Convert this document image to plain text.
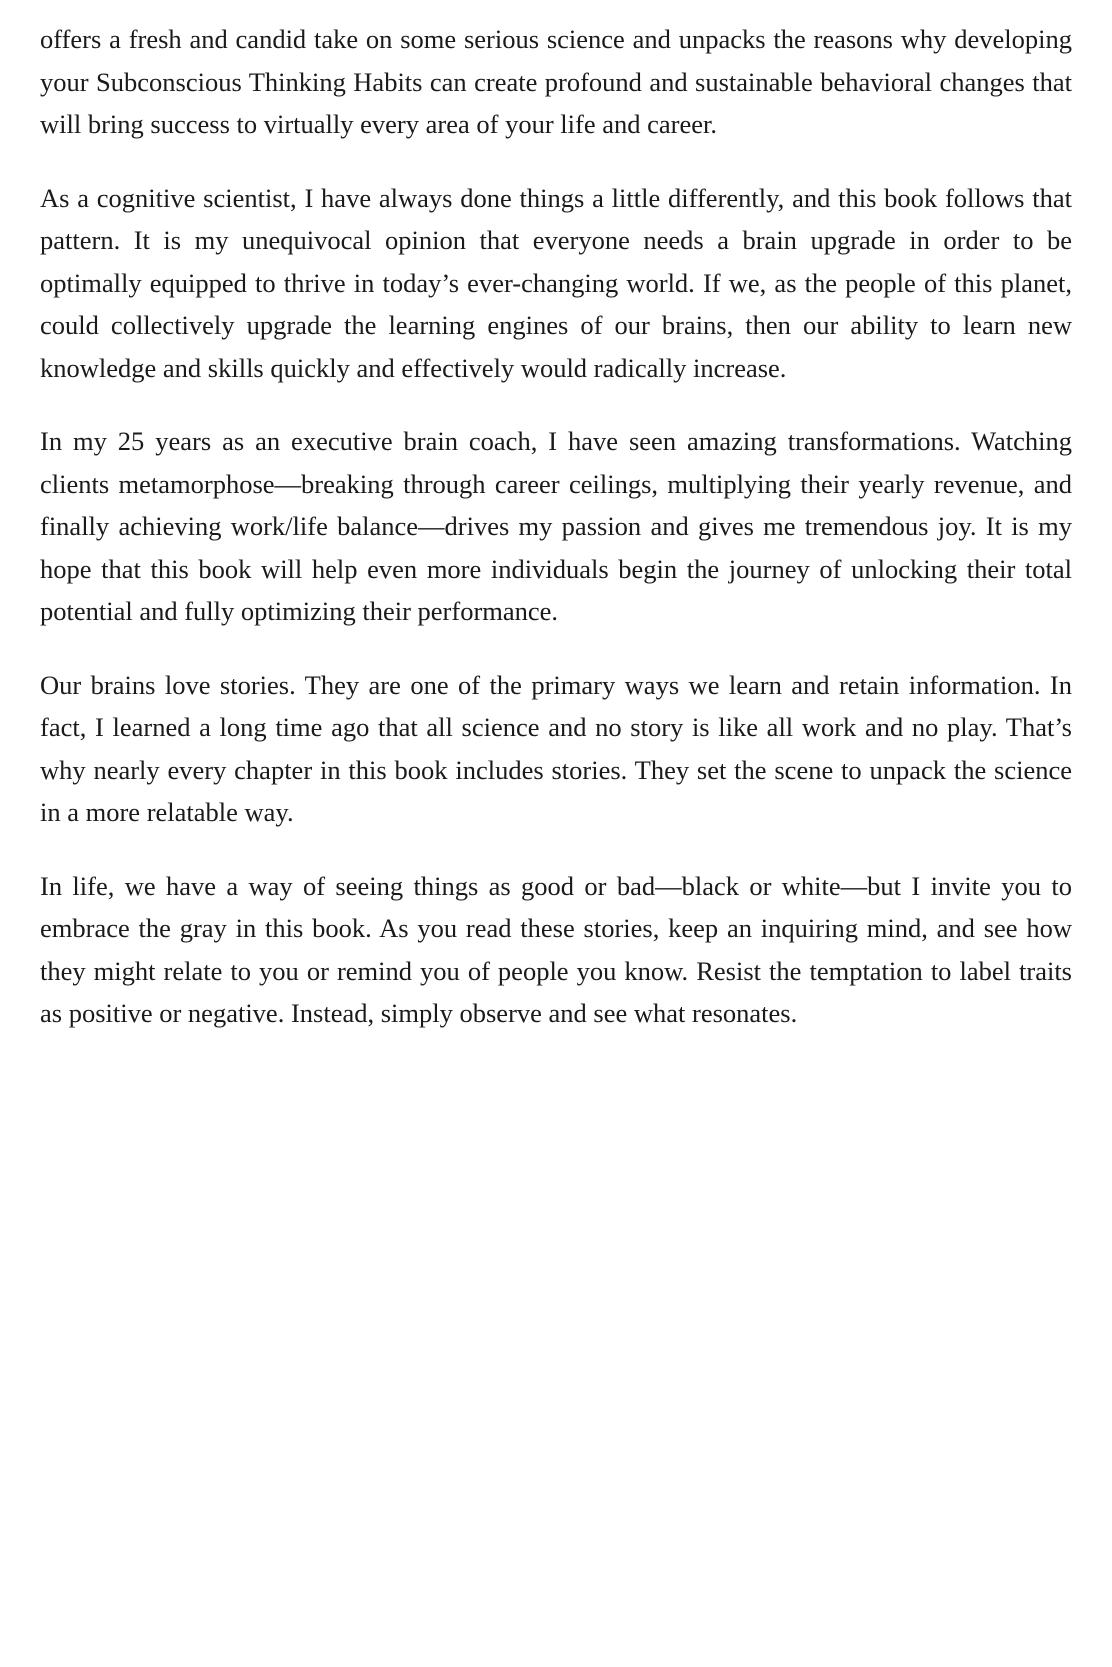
offers a fresh and candid take on some serious science and unpacks the reasons why developing your Subconscious Thinking Habits can create profound and sustainable behavioral changes that will bring success to virtually every area of your life and career.

As a cognitive scientist, I have always done things a little differently, and this book follows that pattern. It is my unequivocal opinion that everyone needs a brain upgrade in order to be optimally equipped to thrive in today’s ever-changing world. If we, as the people of this planet, could collectively upgrade the learning engines of our brains, then our ability to learn new knowledge and skills quickly and effectively would radically increase.

In my 25 years as an executive brain coach, I have seen amazing transformations. Watching clients metamorphose—breaking through career ceilings, multiplying their yearly revenue, and finally achieving work/life balance—drives my passion and gives me tremendous joy. It is my hope that this book will help even more individuals begin the journey of unlocking their total potential and fully optimizing their performance.

Our brains love stories. They are one of the primary ways we learn and retain information. In fact, I learned a long time ago that all science and no story is like all work and no play. That’s why nearly every chapter in this book includes stories. They set the scene to unpack the science in a more relatable way.

In life, we have a way of seeing things as good or bad—black or white—but I invite you to embrace the gray in this book. As you read these stories, keep an inquiring mind, and see how they might relate to you or remind you of people you know. Resist the temptation to label traits as positive or negative. Instead, simply observe and see what resonates.
